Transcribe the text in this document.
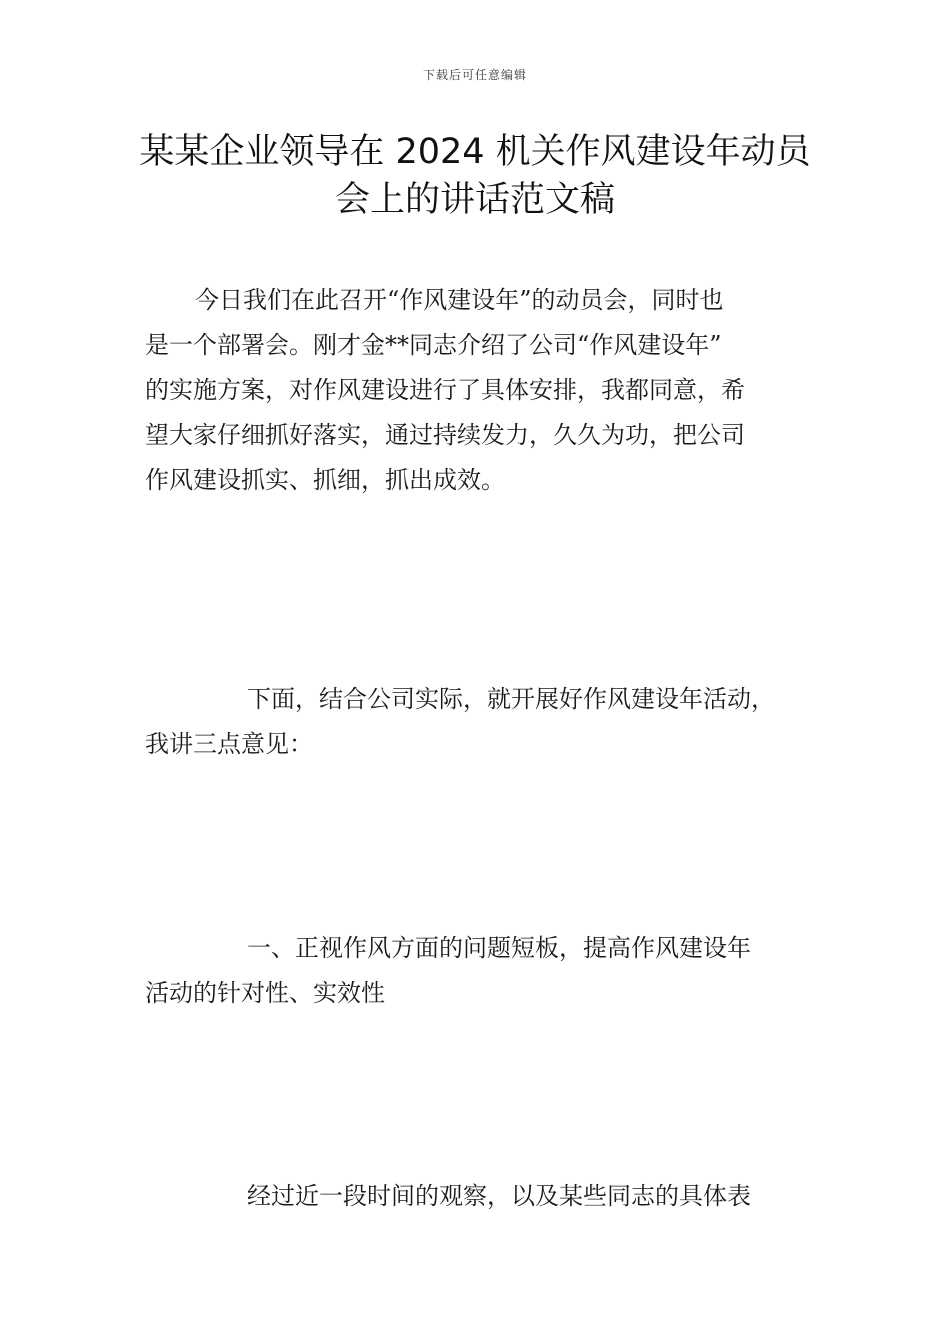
下载后可任意编辑
某某企业领导在 2024 机关作风建设年动员
会上的讲话范文稿
今日我们在此召开“作风建设年”的动员会，同时也
是一个部署会。刚才金**同志介绍了公司“作风建设年”
的实施方案，对作风建设进行了具体安排，我都同意，希
望大家仔细抓好落实，通过持续发力，久久为功，把公司
作风建设抓实、抓细，抓出成效。
下面，结合公司实际，就开展好作风建设年活动，
我讲三点意见：
一、正视作风方面的问题短板，提高作风建设年
活动的针对性、实效性
经过近一段时间的观察，以及某些同志的具体表
